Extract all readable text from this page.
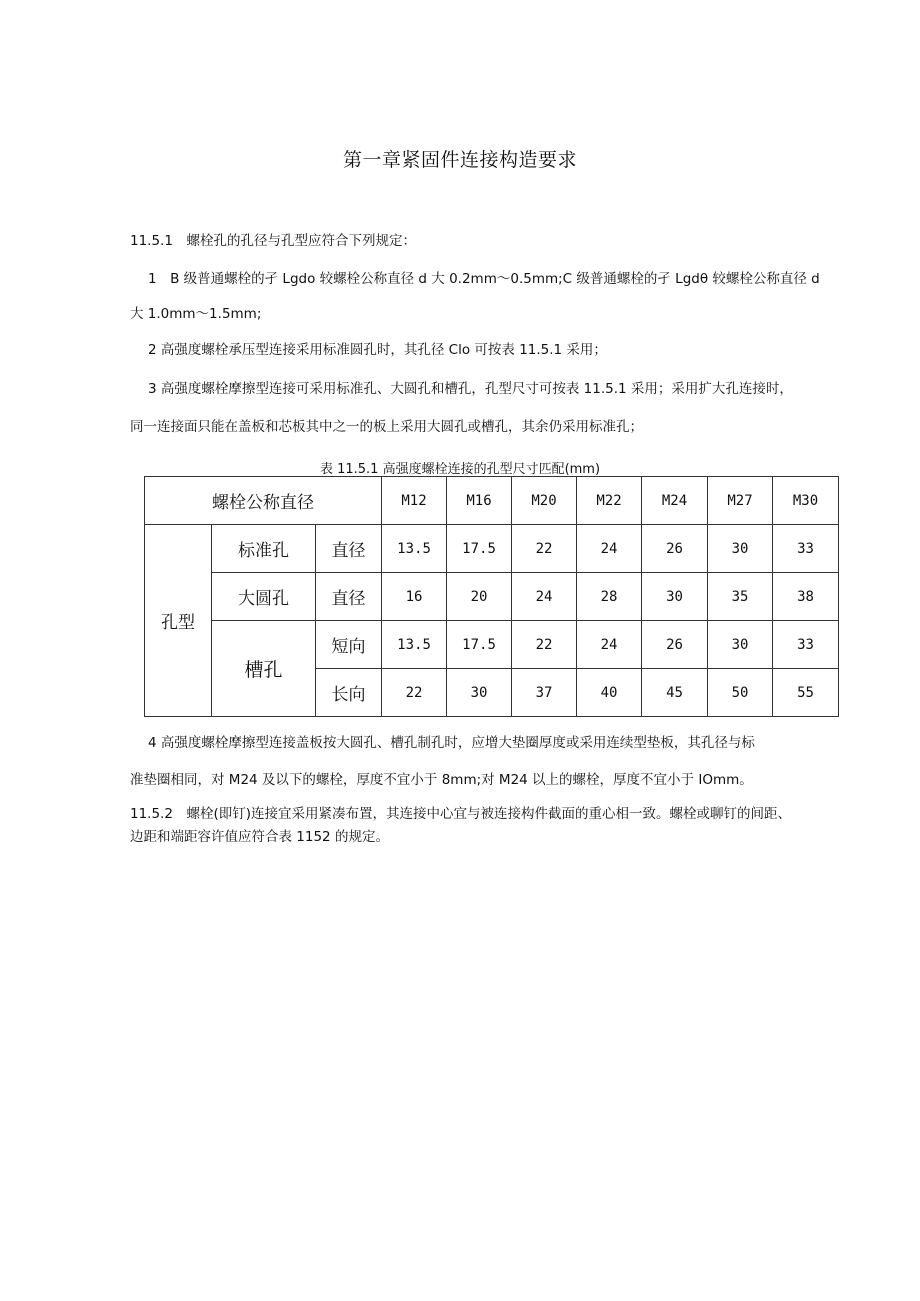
第一章紧固件连接构造要求
11.5.1　螺栓孔的孔径与孔型应符合下列规定：
1　B 级普通螺栓的孑 Lgdo 较螺栓公称直径 d 大 0.2mm～0.5mm;C 级普通螺栓的孑 Lgdθ 较螺栓公称直径 d
大 1.0mm～1.5mm;
2 高强度螺栓承压型连接采用标准圆孔时，其孔径 Clo 可按表 11.5.1 采用；
3 高强度螺栓摩擦型连接可采用标准孔、大圆孔和槽孔，孔型尺寸可按表 11.5.1 采用；采用扩大孔连接时，
同一连接面只能在盖板和芯板其中之一的板上采用大圆孔或槽孔，其余仍采用标准孔；
表 11.5.1 高强度螺栓连接的孔型尺寸匹配(mm)
螺栓公称直径			M12	M16	M20	M22	M24	M27	M30
孔型	标准孔	直径	13.5	17.5	22	24	26	30	33
	大圆孔	直径	16	20	24	28	30	35	38
	槽孔	短向	13.5	17.5	22	24	26	30	33
		长向	22	30	37	40	45	50	55
4 高强度螺栓摩擦型连接盖板按大圆孔、槽孔制孔时，应增大垫圈厚度或采用连续型垫板，其孔径与标
准垫圈相同，对 M24 及以下的螺栓，厚度不宜小于 8mm;对 M24 以上的螺栓，厚度不宜小于 IOmm。
11.5.2　螺栓(即钉)连接宜采用紧凑布置，其连接中心宜与被连接构件截面的重心相一致。螺栓或聊钉的间距、
边距和端距容许值应符合表 1152 的规定。
